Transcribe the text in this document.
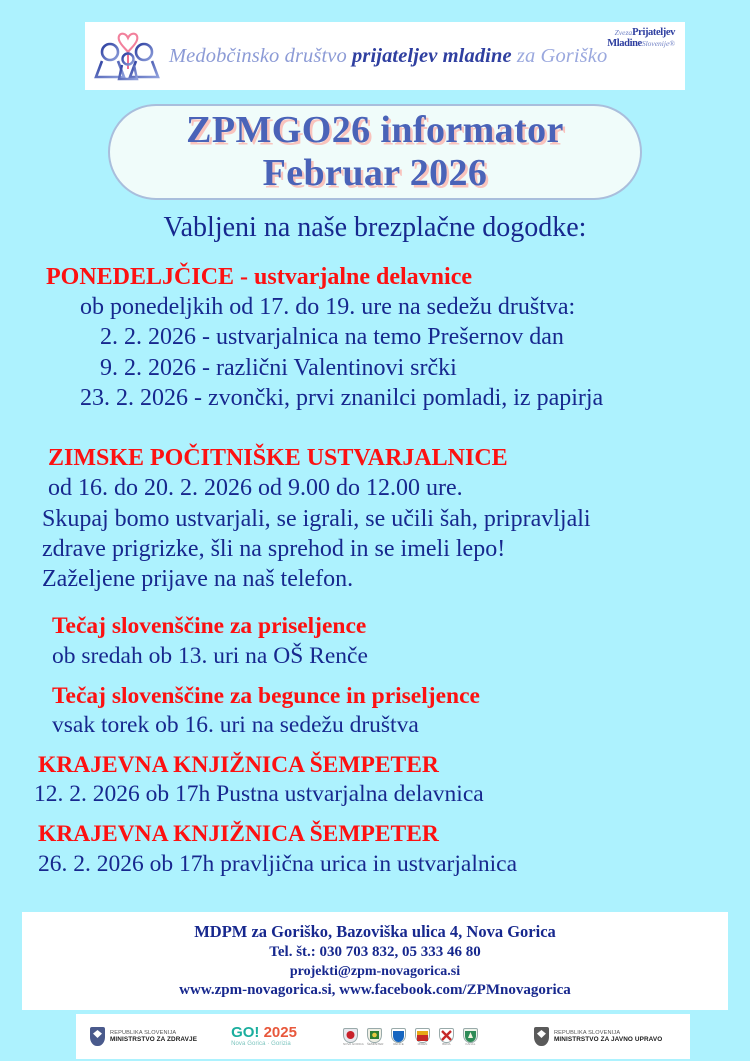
Medobčinsko društvo prijateljev mladine za Goriško
ZvezaPrijateljev
MladineSlovenije®
ZPMGO26 informator
Februar 2026
Vabljeni na naše brezplačne dogodke:
PONEDELJČICE - ustvarjalne delavnice
ob ponedeljkih od 17. do 19. ure na sedežu društva:
2. 2. 2026 - ustvarjalnica na temo Prešernov dan
9. 2. 2026 - različni Valentinovi srčki
23. 2. 2026 - zvončki, prvi znanilci pomladi, iz papirja
ZIMSKE POČITNIŠKE USTVARJALNICE
od 16. do 20. 2. 2026 od 9.00 do 12.00 ure.
Skupaj bomo ustvarjali, se igrali, se učili šah, pripravljali
zdrave prigrizke, šli na sprehod in se imeli lepo!
Zaželjene prijave na naš telefon.
Tečaj slovenščine za priseljence
ob sredah ob 13. uri na OŠ Renče
Tečaj slovenščine za begunce in priseljence
vsak torek ob 16. uri na sedežu društva
KRAJEVNA KNJIŽNICA ŠEMPETER
12. 2. 2026 ob 17h Pustna ustvarjalna delavnica
KRAJEVNA KNJIŽNICA ŠEMPETER
26. 2. 2026 ob 17h pravljična urica in ustvarjalnica
MDPM za Goriško, Bazoviška ulica 4, Nova Gorica
Tel. št.: 030 703 832, 05 333 46 80
projekti@zpm-novagorica.si
www.zpm-novagorica.si, www.facebook.com/ZPMnovagorica
REPUBLIKA SLOVENIJA
MINISTRSTVO ZA ZDRAVJE GO! 2025
Nova Gorica · Gorizia	NOVA GORICA ŠEMPETER	RENČE	MIREN	BRDA	KANAL
REPUBLIKA SLOVENIJA
MINISTRSTVO ZA JAVNO UPRAVO
